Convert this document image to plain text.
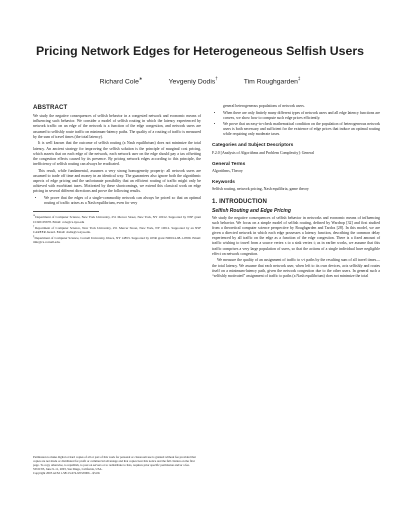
Pricing Network Edges for Heterogeneous Selfish Users
Richard Cole∗	Yevgeniy Dodis†	Tim Roughgarden‡
ABSTRACT

We study the negative consequences of selfish behavior in a congested network and economic means of influencing such behavior. We consider a model of selfish routing in which the latency experienced by network traffic on an edge of the network is a function of the edge congestion, and network users are assumed to selfishly route traffic on minimum-latency paths. The quality of a routing of traffic is measured by the sum of travel times (the total latency).

It is well known that the outcome of selfish routing (a Nash equilibrium) does not minimize the total latency. An ancient strategy for improving the selfish solution is the principle of marginal cost pricing, which asserts that on each edge of the network, each network user on the edge should pay a tax offsetting the congestion effects caused by its presence. By pricing network edges according to this principle, the inefficiency of selfish routing can always be eradicated.

This result, while fundamental, assumes a very strong homogeneity property: all network users are assumed to trade off time and money in an identical way. The guarantees also ignore both the algorithmic aspects of edge pricing and the unfortunate possibility that an efficient routing of traffic might only be achieved with exorbitant taxes. Motivated by these shortcomings, we extend this classical work on edge pricing in several different directions and prove the following results.

• We prove that the edges of a single-commodity network can always be priced so that an optimal routing of traffic arises as a Nash equilibrium, even for very

∗Department of Computer Science, New York University, 251 Mercer Street, New York, NY 10012. Supported by NSF grant CCR0105678. Email: cole@cs.nyu.edu

†Department of Computer Science, New York University, 251 Mercer Street, New York, NY 10012. Supported by an NSF CAREER Award. Email: dodis@cs.nyu.edu.

‡Department of Computer Science, Cornell University, Ithaca, NY 14853. Supported by ONR grant N00014-98-1-0589. Email: timr@cs.cornell.edu.

Permission to make digital or hard copies of all or part of this work for personal or classroom use is granted without fee provided that copies are not made or distributed for profit or commercial advantage and that copies bear this notice and the full citation on the first page. To copy otherwise, to republish, to post on servers or to redistribute to lists, requires prior specific permission and/or a fee.

STOC'03, June 9–11, 2003, San Diego, California, USA.

Copyright 2003 ACM 1-58113-674-9/03/0006 ...$5.00.

general heterogeneous populations of network users.

• When there are only finitely many different types of network users and all edge latency functions are convex, we show how to compute such edge prices efficiently.
• We prove that an easy-to-check mathematical condition on the population of heterogeneous network users is both necessary and sufficient for the existence of edge prices that induce an optimal routing while requiring only moderate taxes.
Categories and Subject Descriptors

F.2.0 [Analysis of Algorithms and Problem Complexity]: General

General Terms

Algorithms, Theory

Keywords

Selfish routing, network pricing, Nash equilibria, game theory

1. INTRODUCTION
Selfish Routing and Edge Pricing

We study the negative consequences of selfish behavior in networks and economic means of influencing such behavior. We focus on a simple model of selfish routing, defined by Wardrop [32] and first studied from a theoretical computer science perspective by Roughgarden and Tardos [28]. In this model, we are given a directed network in which each edge possesses a latency function, describing the common delay experienced by all traffic on the edge as a function of the edge congestion. There is a fixed amount of traffic wishing to travel from a source vertex s to a sink vertex t; as in earlier works, we assume that this traffic comprises a very large population of users, so that the actions of a single individual have negligible effect on network congestion.

We measure the quality of an assignment of traffic to s-t paths by the resulting sum of all travel times—the total latency. We assume that each network user, when left to its own devices, acts selfishly and routes itself on a minimum-latency path, given the network congestion due to the other users. In general such a “selfishly motivated” assignment of traffic to paths (a Nash equilibrium) does not minimize the total
